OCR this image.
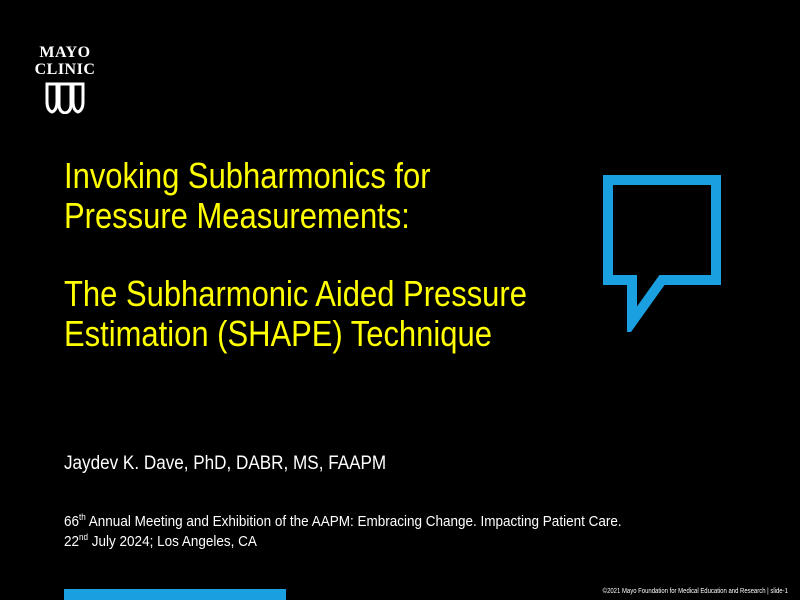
MAYO
CLINIC
Invoking Subharmonics for
Pressure Measurements:
The Subharmonic Aided Pressure
Estimation (SHAPE) Technique
Jaydev K. Dave, PhD, DABR, MS, FAAPM
66th Annual Meeting and Exhibition of the AAPM: Embracing Change. Impacting Patient Care.
22nd July 2024; Los Angeles, CA
©2021 Mayo Foundation for Medical Education and Research | slide-1
